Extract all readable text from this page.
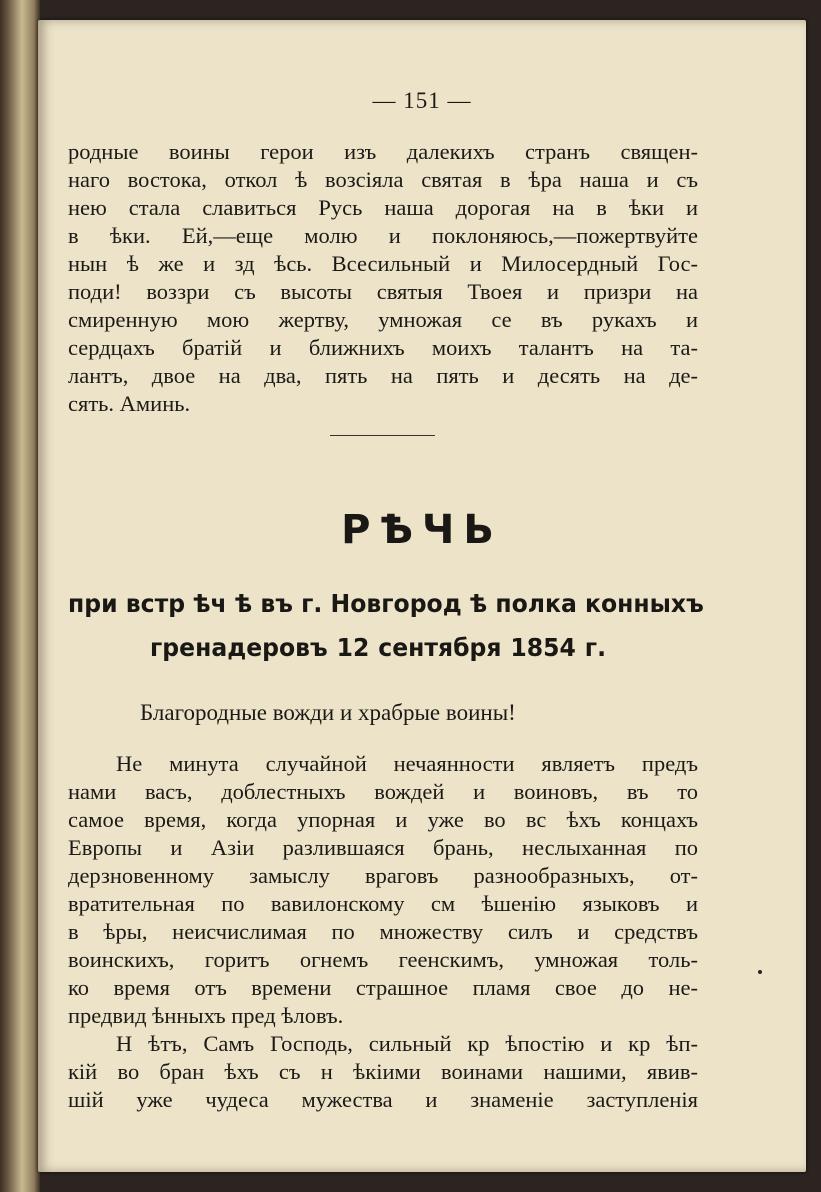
— 151 —
родные воины герои изъ далекихъ странъ священ-
наго востока, откол ѣ возсіяла святая в ѣра наша и съ
нею стала славиться Русь наша дорогая на в ѣки и
в ѣки. Ей,—еще молю и поклоняюсь,—пожертвуйте
нын ѣ же и зд ѣсь. Всесильный и Милосердный Гос-
поди! воззри съ высоты святыя Твоея и призри на
смиренную мою жертву, умножая се въ рукахъ и
сердцахъ братій и ближнихъ моихъ талантъ на та-
лантъ, двое на два, пять на пять и десять на де-
сять. Аминь.
РѢЧЬ
при встр ѣч ѣ въ г. Новгород ѣ полка конныхъ
гренадеровъ 12 сентября 1854 г.
Благородные вожди и храбрые воины!
Не минута случайной нечаянности являетъ предъ
нами васъ, доблестныхъ вождей и воиновъ, въ то
самое время, когда упорная и уже во вс ѣхъ концахъ
Европы и Азіи разлившаяся брань, неслыханная по
дерзновенному замыслу враговъ разнообразныхъ, от-
вратительная по вавилонскому см ѣшенію языковъ и
в ѣры, неисчислимая по множеству силъ и средствъ
воинскихъ, горитъ огнемъ геенскимъ, умножая толь-
ко время отъ времени страшное пламя свое до не-
предвид ѣнныхъ пред ѣловъ.
Н ѣтъ, Самъ Господь, сильный кр ѣпостію и кр ѣп-
кій во бран ѣхъ съ н ѣкіими воинами нашими, явив-
шій уже чудеса мужества и знаменіе заступленія
